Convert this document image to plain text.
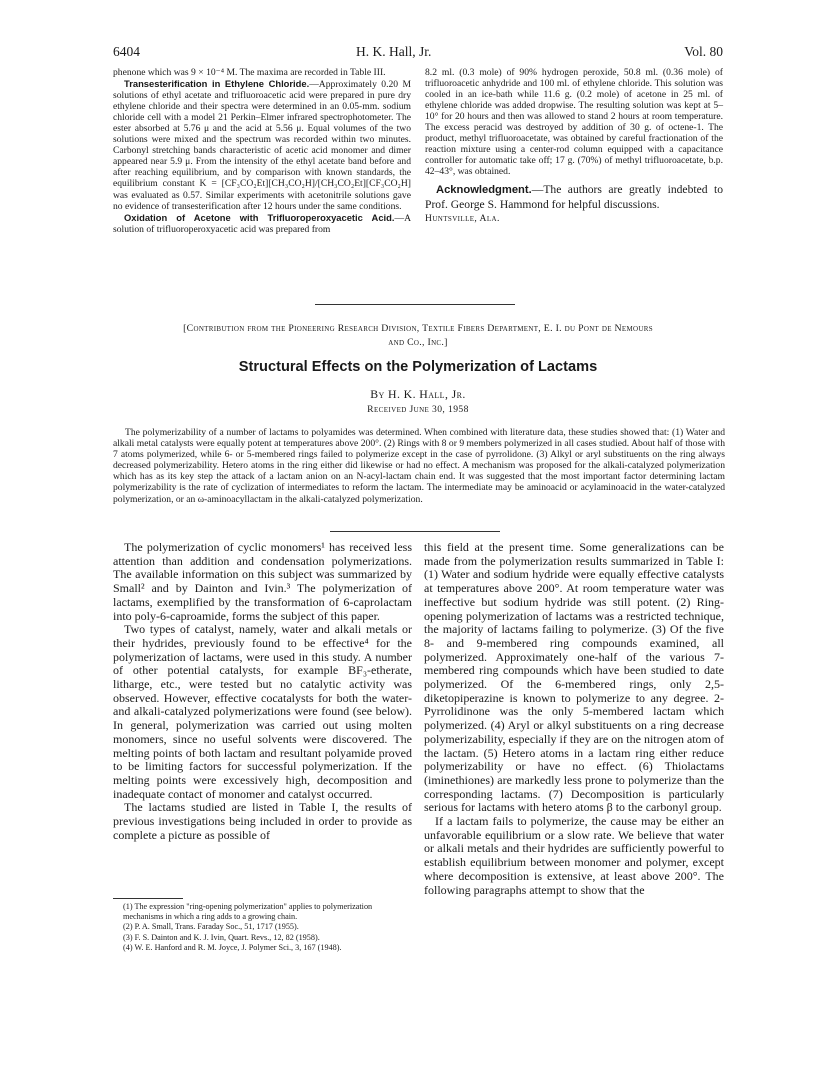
6404	H. K. Hall, Jr.	Vol. 80

phenone which was 9 × 10⁻⁴ M. The maxima are recorded in Table III.

Transesterification in Ethylene Chloride.—Approximately 0.20 M solutions of ethyl acetate and trifluoroacetic acid were prepared in pure dry ethylene chloride and their spectra were determined in an 0.05-mm. sodium chloride cell with a model 21 Perkin–Elmer infrared spectrophotometer. The ester absorbed at 5.76 μ and the acid at 5.56 μ. Equal volumes of the two solutions were mixed and the spectrum was recorded within two minutes. Carbonyl stretching bands characteristic of acetic acid monomer and dimer appeared near 5.9 μ. From the intensity of the ethyl acetate band before and after reaching equilibrium, and by comparison with known standards, the equilibrium constant K = [CF₃CO₂Et][CH₃CO₂H]/[CH₃CO₂Et][CF₃CO₂H] was evaluated as 0.57. Similar experiments with acetonitrile solutions gave no evidence of transesterification after 12 hours under the same conditions.

Oxidation of Acetone with Trifluoroperoxyacetic Acid.—A solution of trifluoroperoxyacetic acid was prepared from

8.2 ml. (0.3 mole) of 90% hydrogen peroxide, 50.8 ml. (0.36 mole) of trifluoroacetic anhydride and 100 ml. of ethylene chloride. This solution was cooled in an ice-bath while 11.6 g. (0.2 mole) of acetone in 25 ml. of ethylene chloride was added dropwise. The resulting solution was kept at 5–10° for 20 hours and then was allowed to stand 2 hours at room temperature. The excess peracid was destroyed by addition of 30 g. of octene-1. The product, methyl trifluoroacetate, was obtained by careful fractionation of the reaction mixture using a center-rod column equipped with a capacitance controller for automatic take off; 17 g. (70%) of methyl trifluoroacetate, b.p. 42–43°, was obtained.

Acknowledgment.—The authors are greatly indebted to Prof. George S. Hammond for helpful discussions.

Huntsville, Ala.

[Contribution from the Pioneering Research Division, Textile Fibers Department, E. I. du Pont de Nemours
and Co., Inc.]
Structural Effects on the Polymerization of Lactams
By H. K. Hall, Jr.
Received June 30, 1958
The polymerizability of a number of lactams to polyamides was determined. When combined with literature data, these studies showed that: (1) Water and alkali metal catalysts were equally potent at temperatures above 200°. (2) Rings with 8 or 9 members polymerized in all cases studied. About half of those with 7 atoms polymerized, while 6- or 5-membered rings failed to polymerize except in the case of pyrrolidone. (3) Alkyl or aryl substituents on the ring always decreased polymerizability. Hetero atoms in the ring either did likewise or had no effect. A mechanism was proposed for the alkali-catalyzed polymerization which has as its key step the attack of a lactam anion on an N-acyl-lactam chain end. It was suggested that the most important factor determining lactam polymerizability is the rate of cyclization of intermediates to reform the lactam. The intermediate may be aminoacid or acylaminoacid in the water-catalyzed polymerization, or an ω-aminoacyllactam in the alkali-catalyzed polymerization.

The polymerization of cyclic monomers¹ has received less attention than addition and condensation polymerizations. The available information on this subject was summarized by Small² and by Dainton and Ivin.³ The polymerization of lactams, exemplified by the transformation of 6-caprolactam into poly-6-caproamide, forms the subject of this paper.

Two types of catalyst, namely, water and alkali metals or their hydrides, previously found to be effective⁴ for the polymerization of lactams, were used in this study. A number of other potential catalysts, for example BF₃-etherate, litharge, etc., were tested but no catalytic activity was observed. However, effective cocatalysts for both the water- and alkali-catalyzed polymerizations were found (see below). In general, polymerization was carried out using molten monomers, since no useful solvents were discovered. The melting points of both lactam and resultant polyamide proved to be limiting factors for successful polymerization. If the melting points were excessively high, decomposition and inadequate contact of monomer and catalyst occurred.

The lactams studied are listed in Table I, the results of previous investigations being included in order to provide as complete a picture as possible of

this field at the present time. Some generalizations can be made from the polymerization results summarized in Table I: (1) Water and sodium hydride were equally effective catalysts at temperatures above 200°. At room temperature water was ineffective but sodium hydride was still potent. (2) Ring-opening polymerization of lactams was a restricted technique, the majority of lactams failing to polymerize. (3) Of the five 8- and 9-membered ring compounds examined, all polymerized. Approximately one-half of the various 7-membered ring compounds which have been studied to date polymerized. Of the 6-membered rings, only 2,5-diketopiperazine is known to polymerize to any degree. 2-Pyrrolidinone was the only 5-membered lactam which polymerized. (4) Aryl or alkyl substituents on a ring decrease polymerizability, especially if they are on the nitrogen atom of the lactam. (5) Hetero atoms in a lactam ring either reduce polymerizability or have no effect. (6) Thiolactams (iminethiones) are markedly less prone to polymerize than the corresponding lactams. (7) Decomposition is particularly serious for lactams with hetero atoms β to the carbonyl group.

If a lactam fails to polymerize, the cause may be either an unfavorable equilibrium or a slow rate. We believe that water or alkali metals and their hydrides are sufficiently powerful to establish equilibrium between monomer and polymer, except where decomposition is extensive, at least above 200°. The following paragraphs attempt to show that the

(1) The expression "ring-opening polymerization" applies to polymerization mechanisms in which a ring adds to a growing chain.
(2) P. A. Small, Trans. Faraday Soc., 51, 1717 (1955).
(3) F. S. Dainton and K. J. Ivin, Quart. Revs., 12, 82 (1958).
(4) W. E. Hanford and R. M. Joyce, J. Polymer Sci., 3, 167 (1948).
